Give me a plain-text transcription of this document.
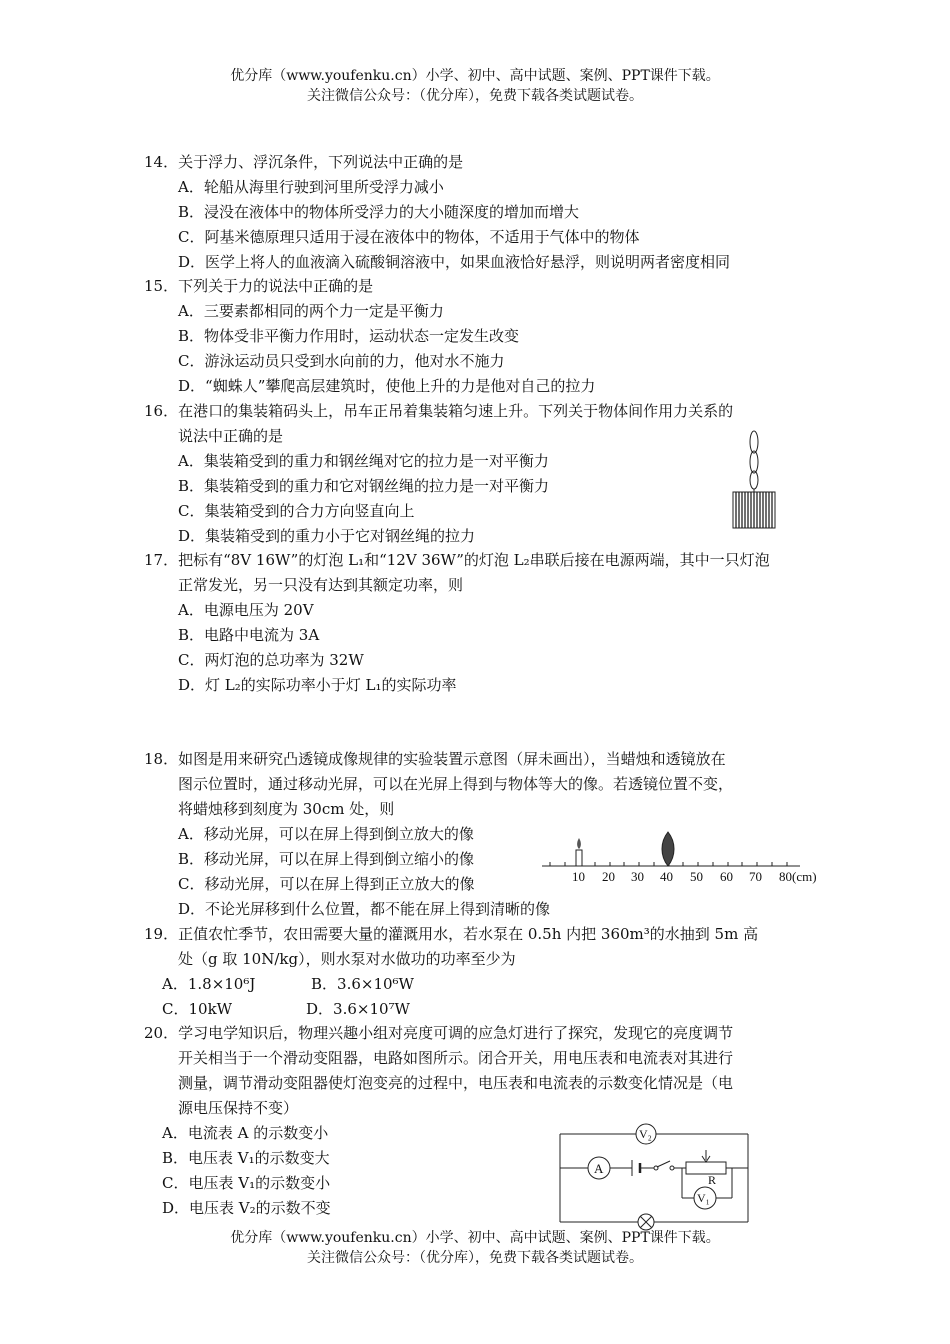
优分库（www.youfenku.cn）小学、初中、高中试题、案例、PPT课件下载。
关注微信公众号：（优分库），免费下载各类试题试卷。
14．关于浮力、浮沉条件，下列说法中正确的是
A．轮船从海里行驶到河里所受浮力减小
B．浸没在液体中的物体所受浮力的大小随深度的增加而增大
C．阿基米德原理只适用于浸在液体中的物体，不适用于气体中的物体
D．医学上将人的血液滴入硫酸铜溶液中，如果血液恰好悬浮，则说明两者密度相同
15．下列关于力的说法中正确的是
A．三要素都相同的两个力一定是平衡力
B．物体受非平衡力作用时，运动状态一定发生改变
C．游泳运动员只受到水向前的力，他对水不施力
D．“蜘蛛人”攀爬高层建筑时，使他上升的力是他对自己的拉力
16．在港口的集装箱码头上，吊车正吊着集装箱匀速上升。下列关于物体间作用力关系的
说法中正确的是
A．集装箱受到的重力和钢丝绳对它的拉力是一对平衡力
B．集装箱受到的重力和它对钢丝绳的拉力是一对平衡力
C．集装箱受到的合力方向竖直向上
D．集装箱受到的重力小于它对钢丝绳的拉力
17．把标有“8V 16W”的灯泡 L₁和“12V 36W”的灯泡 L₂串联后接在电源两端，其中一只灯泡
正常发光，另一只没有达到其额定功率，则
A．电源电压为 20V
B．电路中电流为 3A
C．两灯泡的总功率为 32W
D．灯 L₂的实际功率小于灯 L₁的实际功率
18．如图是用来研究凸透镜成像规律的实验装置示意图（屏未画出），当蜡烛和透镜放在
图示位置时，通过移动光屏，可以在光屏上得到与物体等大的像。若透镜位置不变，
将蜡烛移到刻度为 30cm 处，则
A．移动光屏，可以在屏上得到倒立放大的像
B．移动光屏，可以在屏上得到倒立缩小的像
C．移动光屏，可以在屏上得到正立放大的像
D．不论光屏移到什么位置，都不能在屏上得到清晰的像
10 20 30 40 50 60 70 80(cm)
19．正值农忙季节，农田需要大量的灌溉用水，若水泵在 0.5h 内把 360m³的水抽到 5m 高
处（g 取 10N/kg），则水泵对水做功的功率至少为
A．1.8×10⁶J	B．3.6×10⁶W
C．10kW	D．3.6×10⁷W
20．学习电学知识后，物理兴趣小组对亮度可调的应急灯进行了探究，发现它的亮度调节
开关相当于一个滑动变阻器，电路如图所示。闭合开关，用电压表和电流表对其进行
测量，调节滑动变阻器使灯泡变亮的过程中，电压表和电流表的示数变化情况是（电
源电压保持不变）
A．电流表 A 的示数变小
B．电压表 V₁的示数变大
C．电压表 V₁的示数变小
D．电压表 V₂的示数不变
V₂
A
R
V₁
优分库（www.youfenku.cn）小学、初中、高中试题、案例、PPT课件下载。
关注微信公众号：（优分库），免费下载各类试题试卷。
